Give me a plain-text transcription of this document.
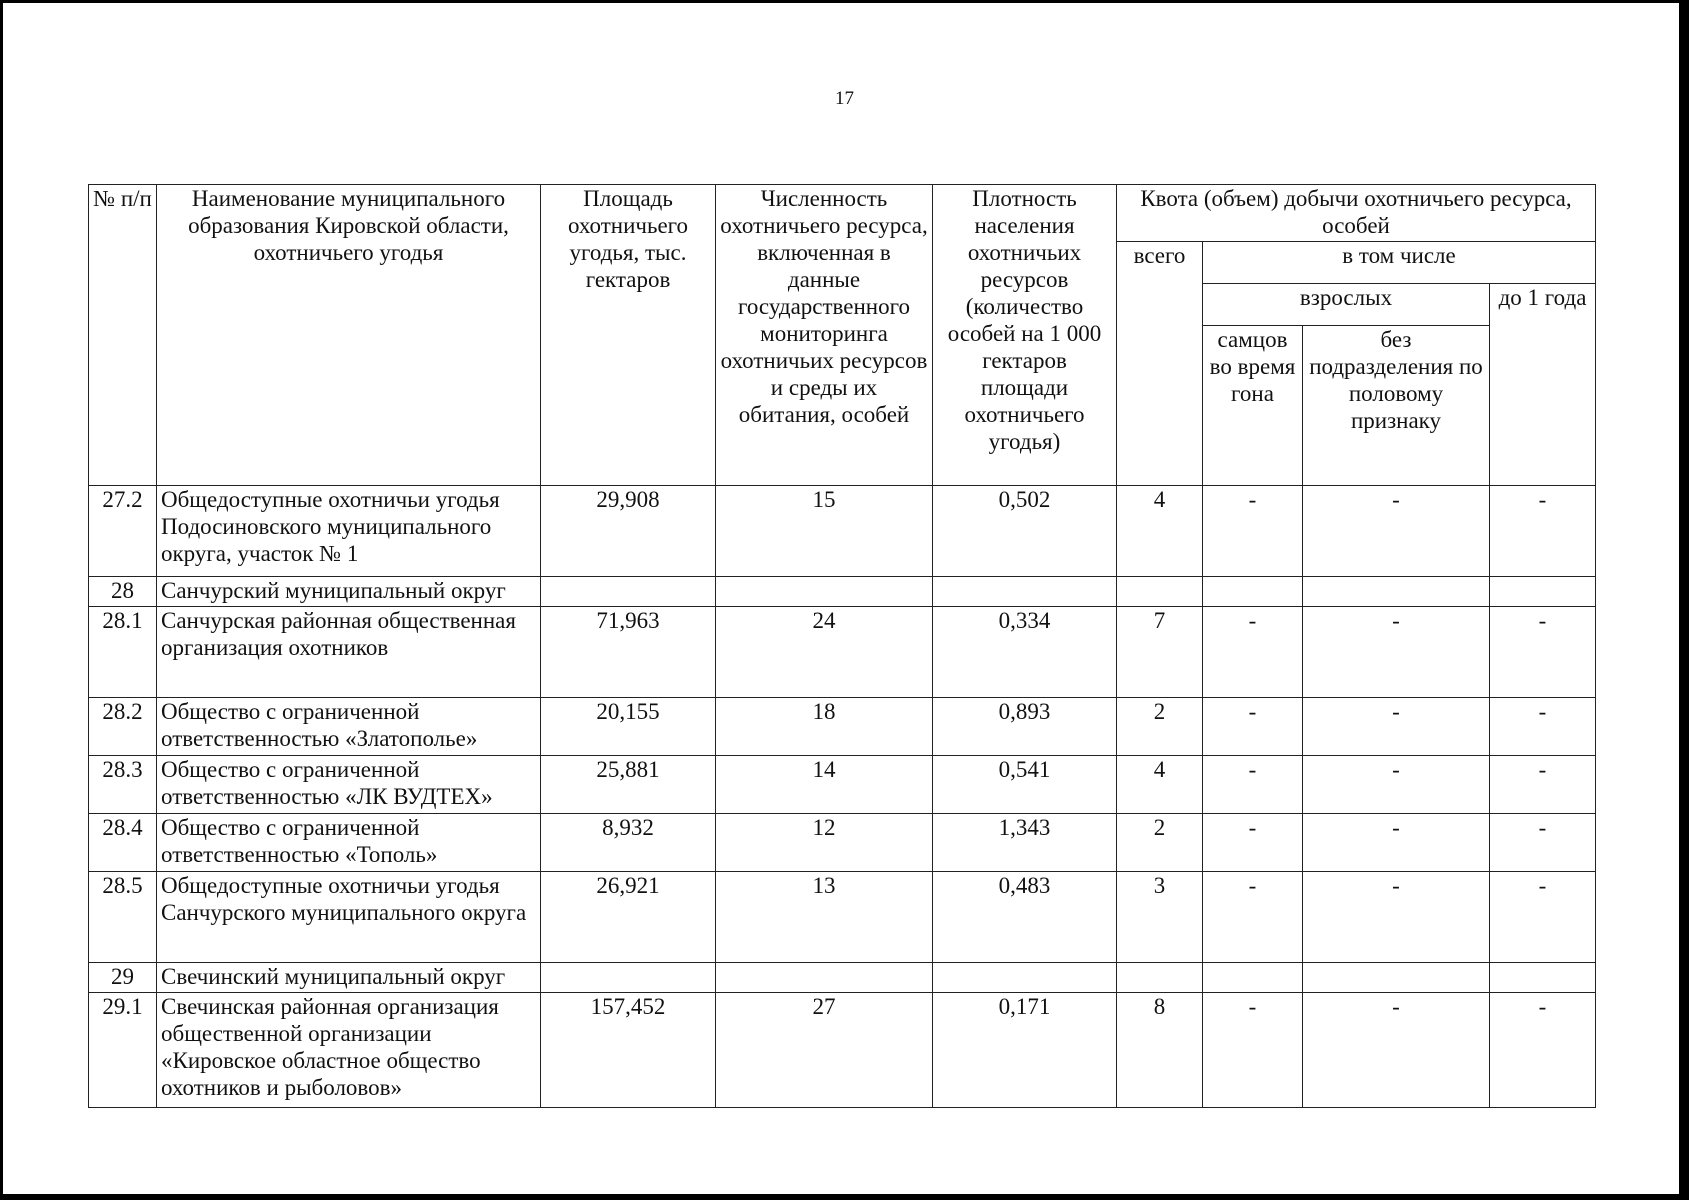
17
№ п/п	Наименование муниципального образования Кировской области, охотничьего угодья	Площадь охотничьего угодья, тыс. гектаров	Численность охотничьего ресурса, включенная в данные государственного мониторинга охотничьих ресурсов и среды их обитания, особей	Плотность населения охотничьих ресурсов (количество особей на 1 000 гектаров площади охотничьего угодья)	Квота (объем) добычи охотничьего ресурса, особей			
					всего	в том числе		
						взрослых		до 1 года
						самцов во время гона	без подразделения по половому признаку	
27.2	Общедоступные охотничьи угодья Подосиновского муниципального округа, участок № 1	29,908	15	0,502	4	-	-	-
28	Санчурский муниципальный округ							
28.1	Санчурская районная общественная организация охотников	71,963	24	0,334	7	-	-	-
28.2	Общество с ограниченной ответственностью «Златополье»	20,155	18	0,893	2	-	-	-
28.3	Общество с ограниченной ответственностью «ЛК ВУДТЕХ»	25,881	14	0,541	4	-	-	-
28.4	Общество с ограниченной ответственностью «Тополь»	8,932	12	1,343	2	-	-	-
28.5	Общедоступные охотничьи угодья Санчурского муниципального округа	26,921	13	0,483	3	-	-	-
29	Свечинский муниципальный округ							
29.1	Свечинская районная организация общественной организации «Кировское областное общество охотников и рыболовов»	157,452	27	0,171	8	-	-	-
